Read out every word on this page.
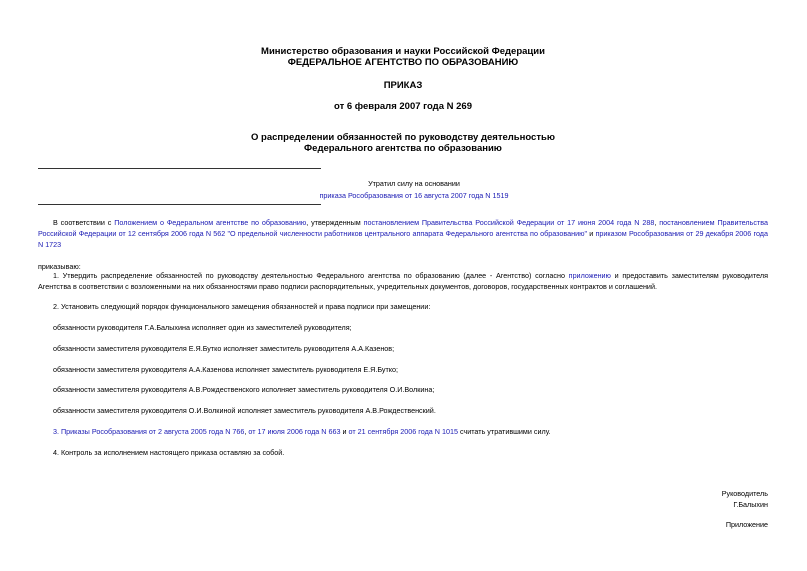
Министерство образования и науки Российской Федерации
ФЕДЕРАЛЬНОЕ АГЕНТСТВО ПО ОБРАЗОВАНИЮ
ПРИКАЗ
от 6 февраля 2007 года N 269
О распределении обязанностей по руководству деятельностью
Федерального агентства по образованию
Утратил силу на основании
приказа Рособразования от 16 августа 2007 года N 1519
В соответствии с Положением о Федеральном агентстве по образованию, утвержденным постановлением Правительства Российской Федерации от 17 июня 2004 года N 288, постановлением Правительства Российской Федерации от 12 сентября 2006 года N 562 "О предельной численности работников центрального аппарата Федерального агентства по образованию" и приказом Рособразования от 29 декабря 2006 года N 1723
приказываю:
1. Утвердить распределение обязанностей по руководству деятельностью Федерального агентства по образованию (далее - Агентство) согласно приложению и предоставить заместителям руководителя Агентства в соответствии с возложенными на них обязанностями право подписи распорядительных, учредительных документов, договоров, государственных контрактов и соглашений.
2. Установить следующий порядок функционального замещения обязанностей и права подписи при замещении:
обязанности руководителя Г.А.Балыхина исполняет один из заместителей руководителя;
обязанности заместителя руководителя Е.Я.Бутко исполняет заместитель руководителя А.А.Казенов;
обязанности заместителя руководителя А.А.Казенова исполняет заместитель руководителя Е.Я.Бутко;
обязанности заместителя руководителя А.В.Рождественского исполняет заместитель руководителя О.И.Волкина;
обязанности заместителя руководителя О.И.Волкиной исполняет заместитель руководителя А.В.Рождественский.
3. Приказы Рособразования от 2 августа 2005 года N 766, от 17 июля 2006 года N 663 и от 21 сентября 2006 года N 1015 считать утратившими силу.
4. Контроль за исполнением настоящего приказа оставляю за собой.
Руководитель
Г.Балыхин
Приложение
